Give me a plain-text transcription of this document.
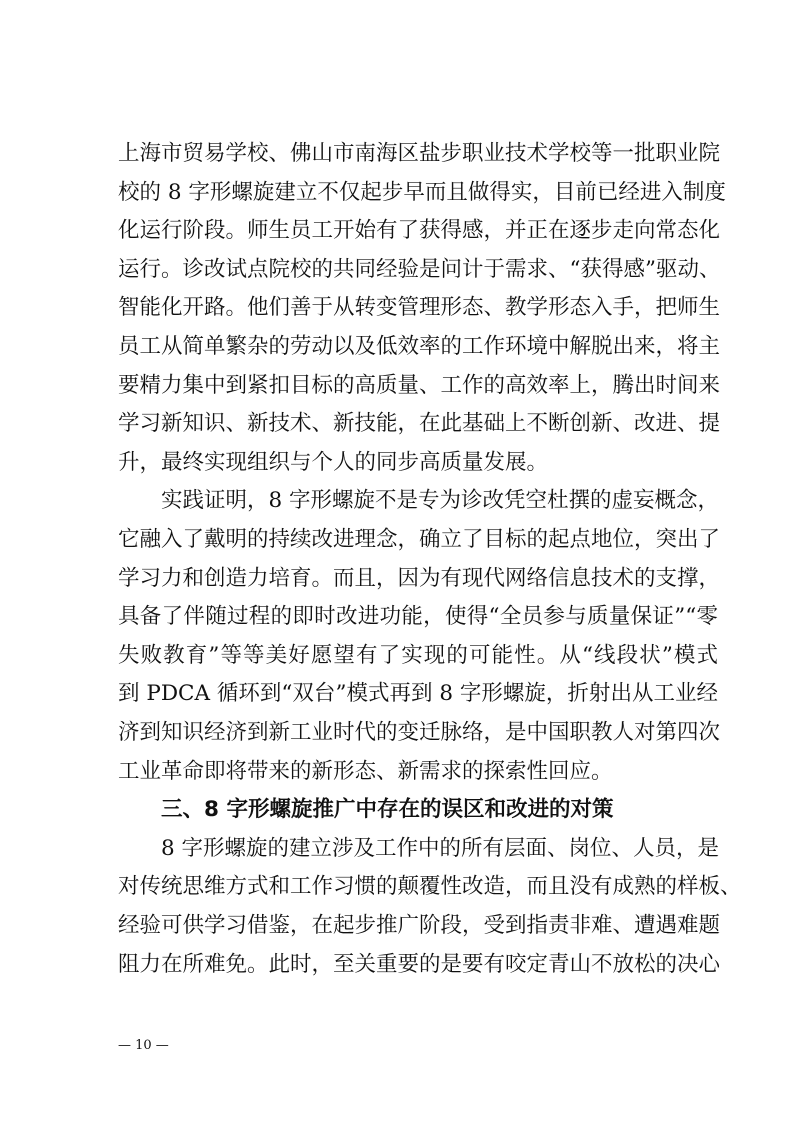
上海市贸易学校、佛山市南海区盐步职业技术学校等一批职业院
校的 8 字形螺旋建立不仅起步早而且做得实，目前已经进入制度
化运行阶段。师生员工开始有了获得感，并正在逐步走向常态化
运行。诊改试点院校的共同经验是问计于需求、“获得感”驱动、
智能化开路。他们善于从转变管理形态、教学形态入手，把师生
员工从简单繁杂的劳动以及低效率的工作环境中解脱出来，将主
要精力集中到紧扣目标的高质量、工作的高效率上，腾出时间来
学习新知识、新技术、新技能，在此基础上不断创新、改进、提
升，最终实现组织与个人的同步高质量发展。
实践证明，8 字形螺旋不是专为诊改凭空杜撰的虚妄概念，
它融入了戴明的持续改进理念，确立了目标的起点地位，突出了
学习力和创造力培育。而且，因为有现代网络信息技术的支撑，
具备了伴随过程的即时改进功能，使得“全员参与质量保证”“零
失败教育”等等美好愿望有了实现的可能性。从“线段状”模式
到 PDCA 循环到“双台”模式再到 8 字形螺旋，折射出从工业经
济到知识经济到新工业时代的变迁脉络，是中国职教人对第四次
工业革命即将带来的新形态、新需求的探索性回应。
三、8 字形螺旋推广中存在的误区和改进的对策
8 字形螺旋的建立涉及工作中的所有层面、岗位、人员，是
对传统思维方式和工作习惯的颠覆性改造，而且没有成熟的样板、
经验可供学习借鉴，在起步推广阶段，受到指责非难、遭遇难题
阻力在所难免。此时，至关重要的是要有咬定青山不放松的决心
— 10 —
